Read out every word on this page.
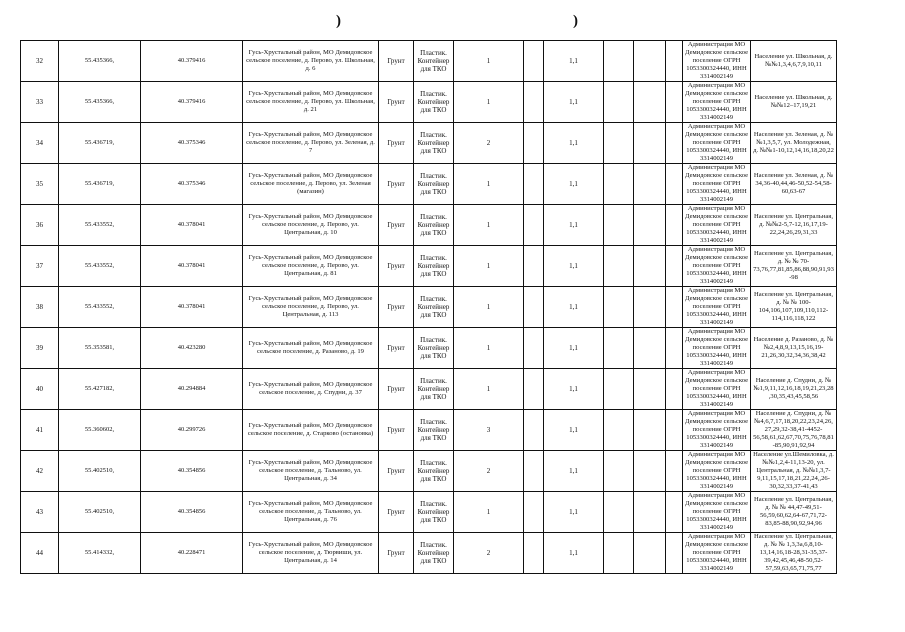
)	)
32	55.435366,	40.379416	Гусь-Хрустальный район, МО Демидовское сельское поселение, д. Перово, ул. Школьная, д. 6	Грунт	Пластик. Контейнер для ТКО	1		1,1				Администрация МО Демидовское сельское поселение ОГРН 1053300324440, ИНН 3314002149	Население ул. Школьная, д. №№1,3,4,6,7,9,10,11
33	55.435366,	40.379416	Гусь-Хрустальный район, МО Демидовское сельское поселение, д. Перово, ул. Школьная, д. 21	Грунт	Пластик. Контейнер для ТКО	1		1,1				Администрация МО Демидовское сельское поселение ОГРН 1053300324440, ИНН 3314002149	Население ул. Школьная, д. №№12–17,19,21
34	55.436719,	40.375346	Гусь-Хрустальный район, МО Демидовское сельское поселение, д. Перово, ул. Зеленая, д. 7	Грунт	Пластик. Контейнер для ТКО	2		1,1				Администрация МО Демидовское сельское поселение ОГРН 1053300324440, ИНН 3314002149	Население ул. Зеленая, д. № №1,3,5,7, ул. Молодежная, д. №№1-10,12,14,16,18,20,22
35	55.436719,	40.375346	Гусь-Хрустальный район, МО Демидовское сельское поселение, д. Перово, ул. Зеленая (магазин)	Грунт	Пластик. Контейнер для ТКО	1		1,1				Администрация МО Демидовское сельское поселение ОГРН 1053300324440, ИНН 3314002149	Население ул. Зеленая, д. № 34,36-40,44,46-50,52-54,58-60,63-67
36	55.433552,	40.378041	Гусь-Хрустальный район, МО Демидовское сельское поселение, д. Перово, ул. Центральная, д. 10	Грунт	Пластик. Контейнер для ТКО	1		1,1				Администрация МО Демидовское сельское поселение ОГРН 1053300324440, ИНН 3314002149	Население ул. Центральная, д. №№2-5,7-12,16,17,19-22,24,26,29,31,33
37	55.433552,	40.378041	Гусь-Хрустальный район, МО Демидовское сельское поселение, д. Перово, ул. Центральная, д. 81	Грунт	Пластик. Контейнер для ТКО	1		1,1				Администрация МО Демидовское сельское поселение ОГРН 1053300324440, ИНН 3314002149	Население ул. Центральная, д. № № 70-73,76,77,81,85,86,88,90,91,93-98
38	55.433552,	40.378041	Гусь-Хрустальный район, МО Демидовское сельское поселение, д. Перово, ул. Центральная, д. 113	Грунт	Пластик. Контейнер для ТКО	1		1,1				Администрация МО Демидовское сельское поселение ОГРН 1053300324440, ИНН 3314002149	Население ул. Центральная, д. № № 100-104,106,107,109,110,112-114,116,118,122
39	55.353581,	40.423280	Гусь-Хрустальный район, МО Демидовское сельское поселение, д. Разаново, д. 19	Грунт	Пластик. Контейнер для ТКО	1		1,1				Администрация МО Демидовское сельское поселение ОГРН 1053300324440, ИНН 3314002149	Население д. Разаново, д. № №2,4,8,9,13,15,16,19-21,26,30,32,34,36,38,42
40	55.427182,	40.294884	Гусь-Хрустальный район, МО Демидовское сельское поселение, д. Спудни, д. 37	Грунт	Пластик. Контейнер для ТКО	1		1,1				Администрация МО Демидовское сельское поселение ОГРН 1053300324440, ИНН 3314002149	Население д. Спудни, д. № №1,9,11,12,16,18,19,21,23,28,30,35,43,45,58,56
41	55.360602,	40.299726	Гусь-Хрустальный район, МО Демидовское сельское поселение, д. Старково (остановка)	Грунт	Пластик. Контейнер для ТКО	3		1,1				Администрация МО Демидовское сельское поселение ОГРН 1053300324440, ИНН 3314002149	Население д. Спудни, д. № №4,6,7,17,18,20,22,23,24,26,27,29,32-38,41-4452-56,58,61,62,67,70,75,76,78,81-85,90,91,92,94
42	55.402510,	40.354856	Гусь-Хрустальный район, МО Демидовское сельское поселение, д. Тальново, ул. Центральная, д. 34	Грунт	Пластик. Контейнер для ТКО	2		1,1				Администрация МО Демидовское сельское поселение ОГРН 1053300324440, ИНН 3314002149	Население ул.Шемиловка, д. №№1,2,4-11,13-20, ул. Центральная, д. №№1,3,7-9,11,15,17,18,21,22,24,,26-30,32,33,37-41,43
43	55.402510,	40.354856	Гусь-Хрустальный район, МО Демидовское сельское поселение, д. Тальново, ул. Центральная, д. 76	Грунт	Пластик. Контейнер для ТКО	1		1,1				Администрация МО Демидовское сельское поселение ОГРН 1053300324440, ИНН 3314002149	Население ул. Центральная, д. № № 44,47-49,51-56,59,60,62,64-67,71,72-83,85-88,90,92,94,96
44	55.414332,	40.228471	Гусь-Хрустальный район, МО Демидовское сельское поселение, д. Тюрвиши, ул. Центральная, д. 14	Грунт	Пластик. Контейнер для ТКО	2		1,1				Администрация МО Демидовское сельское поселение ОГРН 1053300324440, ИНН 3314002149	Население ул. Центральная, д. № № 1,3,3а,6,8,10-13,14,16,18-28,31-35,37-39,42,45,46,48-50,52-57,59,63,65,71,75,77
